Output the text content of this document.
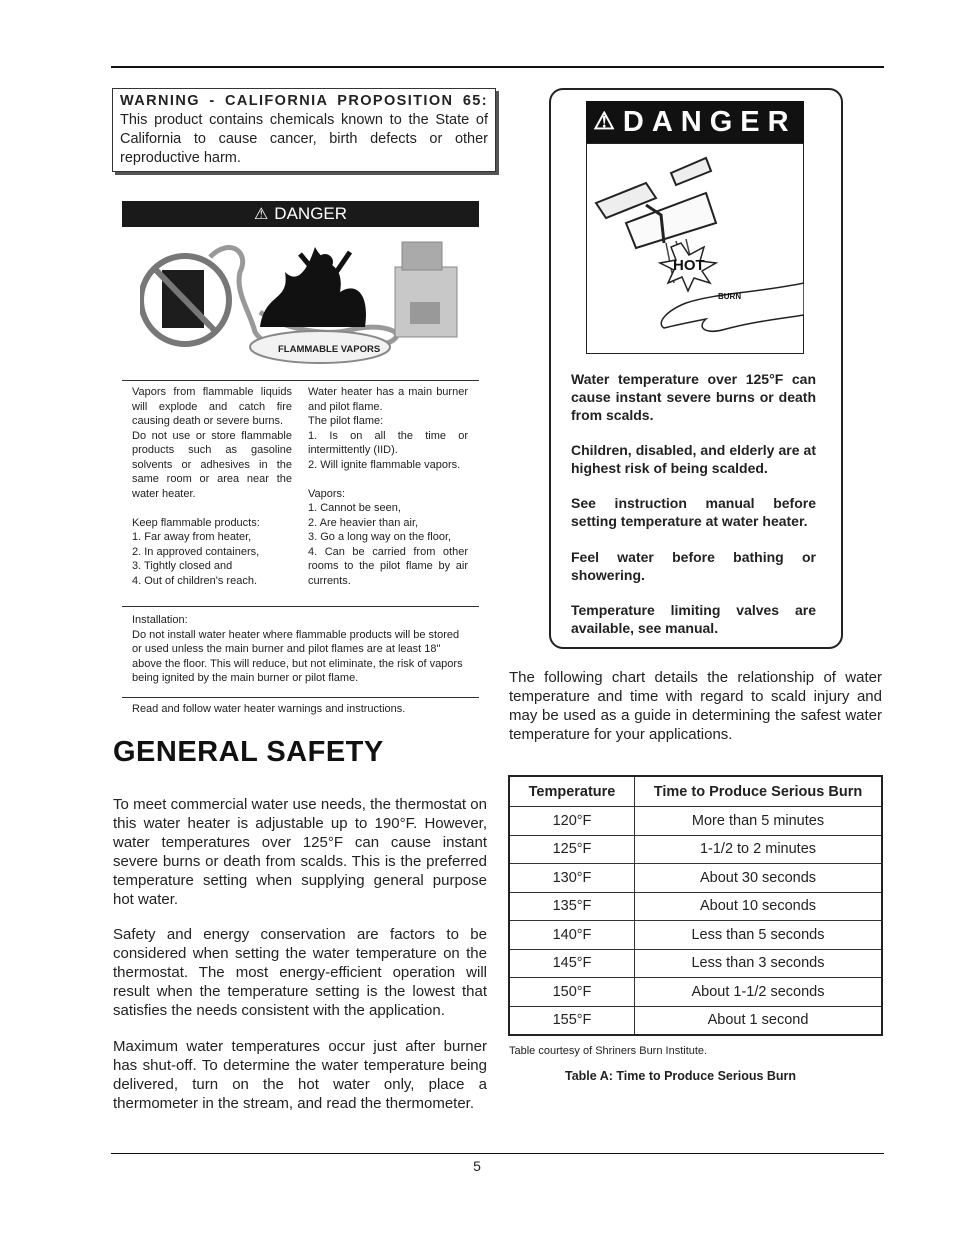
WARNING - CALIFORNIA PROPOSITION 65: This product contains chemicals known to the State of California to cause cancer, birth defects or other reproductive harm.
⚠ DANGER
FLAMMABLES
FLAMMABLE VAPORS

Vapors from flammable liquids will explode and catch fire causing death or severe burns.
Do not use or store flammable products such as gasoline solvents or adhesives in the same room or area near the water heater.

Keep flammable products:
1. Far away from heater,
2. In approved containers,
3. Tightly closed and
4. Out of children's reach.

Water heater has a main burner and pilot flame.
The pilot flame:
1. Is on all the time or intermittently (IID).
2. Will ignite flammable vapors.

Vapors:
1. Cannot be seen,
2. Are heavier than air,
3. Go a long way on the floor,
4. Can be carried from other rooms to the pilot flame by air currents.

Installation:
Do not install water heater where flammable products will be stored or used unless the main burner and pilot flames are at least 18" above the floor. This will reduce, but not eliminate, the risk of vapors being ignited by the main burner or pilot flame.

Read and follow water heater warnings and instructions.
GENERAL SAFETY

To meet commercial water use needs, the thermostat on this water heater is adjustable up to 190°F. However, water temperatures over 125°F can cause instant severe burns or death from scalds. This is the preferred temperature setting when supplying general purpose hot water.

Safety and energy conservation are factors to be considered when setting the water temperature on the thermostat. The most energy-efficient operation will result when the temperature setting is the lowest that satisfies the needs consistent with the application.

Maximum water temperatures occur just after burner has shut-off. To determine the water temperature being delivered, turn on the hot water only, place a thermometer in the stream, and read the thermometer.

⚠ DANGER
HOT
BURN

Water temperature over 125°F can cause instant severe burns or death from scalds.

Children, disabled, and elderly are at highest risk of being scalded.

See instruction manual before setting temperature at water heater.

Feel water before bathing or showering.

Temperature limiting valves are available, see manual.

The following chart details the relationship of water temperature and time with regard to scald injury and may be used as a guide in determining the safest water temperature for your applications.

Temperature	Time to Produce Serious Burn
120°F	More than 5 minutes
125°F	1-1/2 to 2 minutes
130°F	About 30 seconds
135°F	About 10 seconds
140°F	Less than 5 seconds
145°F	Less than 3 seconds
150°F	About 1-1/2 seconds
155°F	About 1 second
Table courtesy of Shriners Burn Institute.
Table A: Time to Produce Serious Burn
5
